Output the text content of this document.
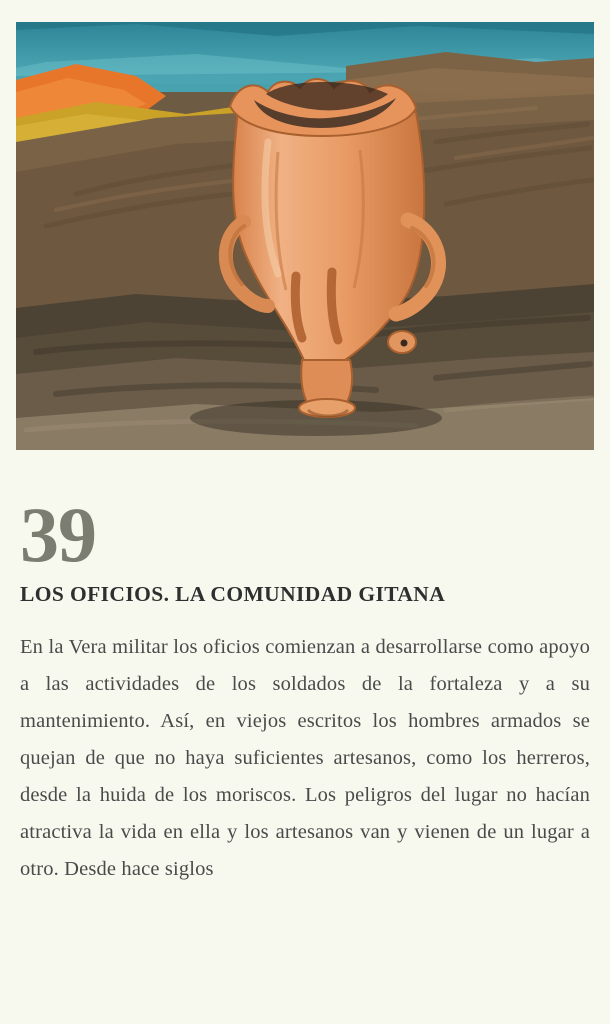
39
LOS OFICIOS. LA COMUNIDAD GITANA

En la Vera militar los oficios comienzan a desarrollarse como apoyo a las actividades de los soldados de la fortaleza y a su mantenimiento. Así, en viejos escritos los hombres armados se quejan de que no haya suficientes artesanos, como los herreros, desde la huida de los moriscos. Los peligros del lugar no hacían atractiva la vida en ella y los artesanos van y vienen de un lugar a otro. Desde hace siglos
